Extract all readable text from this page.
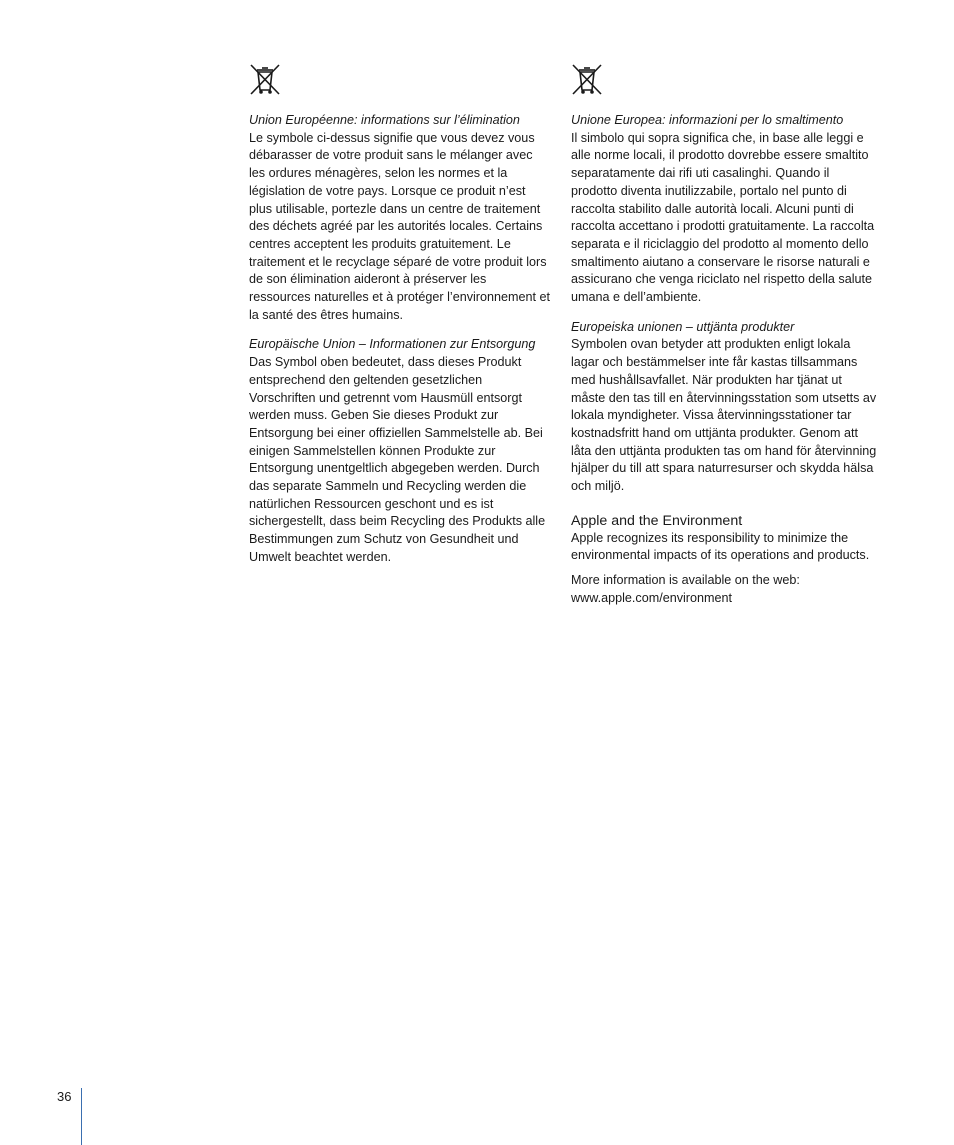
Union Européenne: informations sur l’élimination

Le symbole ci-dessus signifie que vous devez vous débarasser de votre produit sans le mélanger avec les ordures ménagères, selon les normes et la législation de votre pays. Lorsque ce produit n’est plus utilisable, portezle dans un centre de traitement des déchets agréé par les autorités locales. Certains centres acceptent les produits gratuitement. Le traitement et le recyclage séparé de votre produit lors de son élimination aideront à préserver les ressources naturelles et à protéger l’environnement et la santé des êtres humains.

Europäische Union – Informationen zur Entsorgung

Das Symbol oben bedeutet, dass dieses Produkt entsprechend den geltenden gesetzlichen Vorschriften und getrennt vom Hausmüll entsorgt werden muss. Geben Sie dieses Produkt zur Entsorgung bei einer offiziellen Sammelstelle ab. Bei einigen Sammelstellen können Produkte zur Entsorgung unentgeltlich abgegeben werden. Durch das separate Sammeln und Recycling werden die natürlichen Ressourcen geschont und es ist sichergestellt, dass beim Recycling des Produkts alle Bestimmungen zum Schutz von Gesundheit und Umwelt beachtet werden.

Unione Europea: informazioni per lo smaltimento

Il simbolo qui sopra significa che, in base alle leggi e alle norme locali, il prodotto dovrebbe essere smaltito separatamente dai rifi uti casalinghi. Quando il prodotto diventa inutilizzabile, portalo nel punto di raccolta stabilito dalle autorità locali. Alcuni punti di raccolta accettano i prodotti gratuitamente. La raccolta separata e il riciclaggio del prodotto al momento dello smaltimento aiutano a conservare le risorse naturali e assicurano che venga riciclato nel rispetto della salute umana e dell’ambiente.

Europeiska unionen – uttjänta produkter

Symbolen ovan betyder att produkten enligt lokala lagar och bestämmelser inte får kastas tillsammans med hushållsavfallet. När produkten har tjänat ut måste den tas till en återvinningsstation som utsetts av lokala myndigheter. Vissa återvinningsstationer tar kostnadsfritt hand om uttjänta produkter. Genom att låta den uttjänta produkten tas om hand för återvinning hjälper du till att spara naturresurser och skydda hälsa och miljö.

Apple and the Environment

Apple recognizes its responsibility to minimize the environmental impacts of its operations and products.

More information is available on the web: www.apple.com/environment

36
